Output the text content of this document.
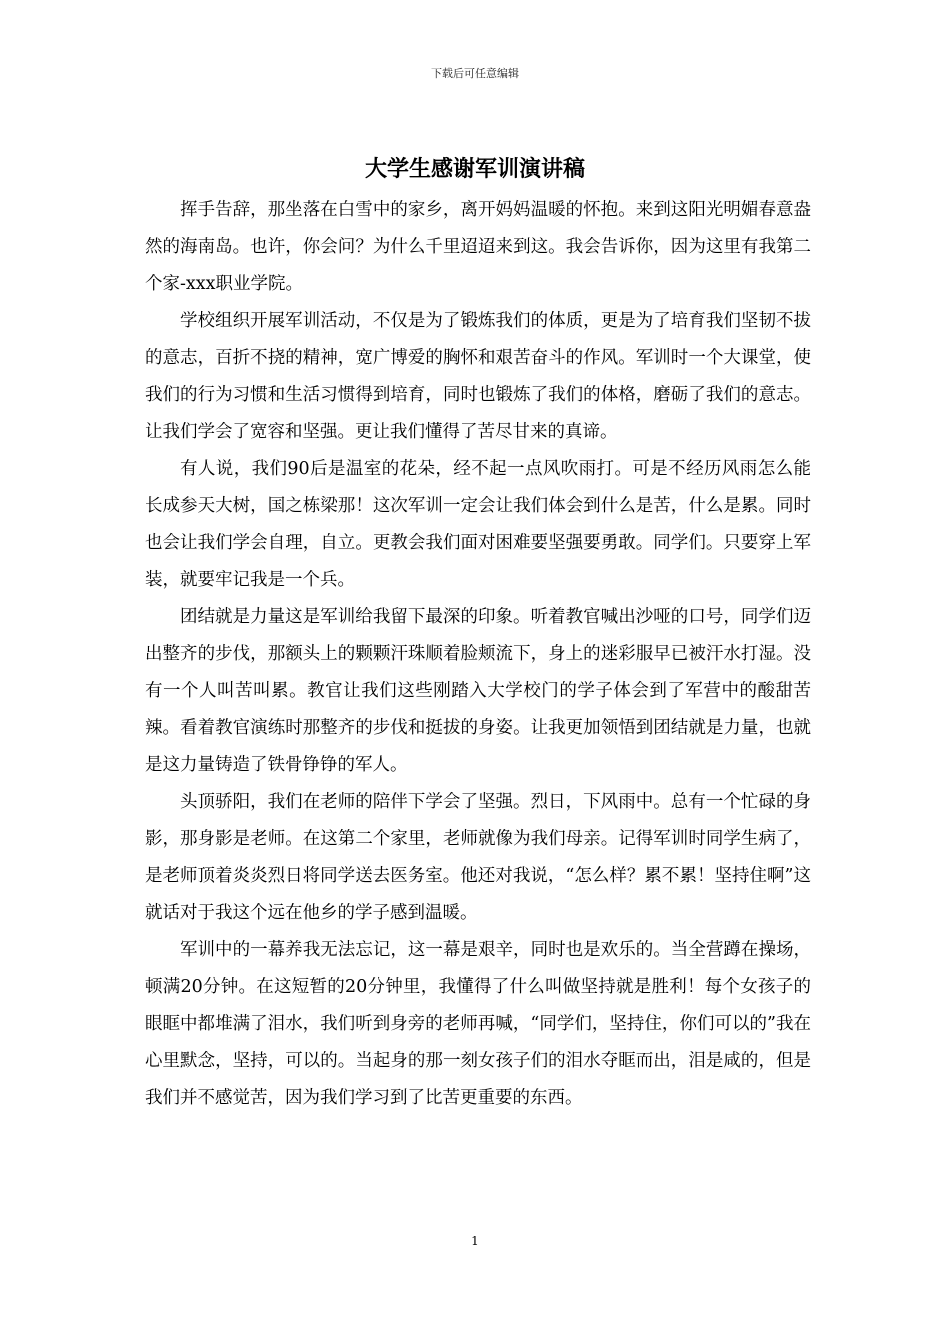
下载后可任意编辑
大学生感谢军训演讲稿

挥手告辞，那坐落在白雪中的家乡，离开妈妈温暖的怀抱。来到这阳光明媚春意盎然的海南岛。也许，你会问？为什么千里迢迢来到这。我会告诉你，因为这里有我第二个家-xxx职业学院。

学校组织开展军训活动，不仅是为了锻炼我们的体质，更是为了培育我们坚韧不拔的意志，百折不挠的精神，宽广博爱的胸怀和艰苦奋斗的作风。军训时一个大课堂，使我们的行为习惯和生活习惯得到培育，同时也锻炼了我们的体格，磨砺了我们的意志。让我们学会了宽容和坚强。更让我们懂得了苦尽甘来的真谛。

有人说，我们90后是温室的花朵，经不起一点风吹雨打。可是不经历风雨怎么能长成参天大树，国之栋梁那！这次军训一定会让我们体会到什么是苦，什么是累。同时也会让我们学会自理，自立。更教会我们面对困难要坚强要勇敢。同学们。只要穿上军装，就要牢记我是一个兵。

团结就是力量这是军训给我留下最深的印象。听着教官喊出沙哑的口号，同学们迈出整齐的步伐，那额头上的颗颗汗珠顺着脸颊流下，身上的迷彩服早已被汗水打湿。没有一个人叫苦叫累。教官让我们这些刚踏入大学校门的学子体会到了军营中的酸甜苦辣。看着教官演练时那整齐的步伐和挺拔的身姿。让我更加领悟到团结就是力量，也就是这力量铸造了铁骨铮铮的军人。

头顶骄阳，我们在老师的陪伴下学会了坚强。烈日，下风雨中。总有一个忙碌的身影，那身影是老师。在这第二个家里，老师就像为我们母亲。记得军训时同学生病了，是老师顶着炎炎烈日将同学送去医务室。他还对我说，“怎么样？累不累！坚持住啊”这就话对于我这个远在他乡的学子感到温暖。

军训中的一幕养我无法忘记，这一幕是艰辛，同时也是欢乐的。当全营蹲在操场，顿满20分钟。在这短暂的20分钟里，我懂得了什么叫做坚持就是胜利！每个女孩子的眼眶中都堆满了泪水，我们听到身旁的老师再喊，“同学们，坚持住，你们可以的”我在心里默念，坚持，可以的。当起身的那一刻女孩子们的泪水夺眶而出，泪是咸的，但是我们并不感觉苦，因为我们学习到了比苦更重要的东西。

1
